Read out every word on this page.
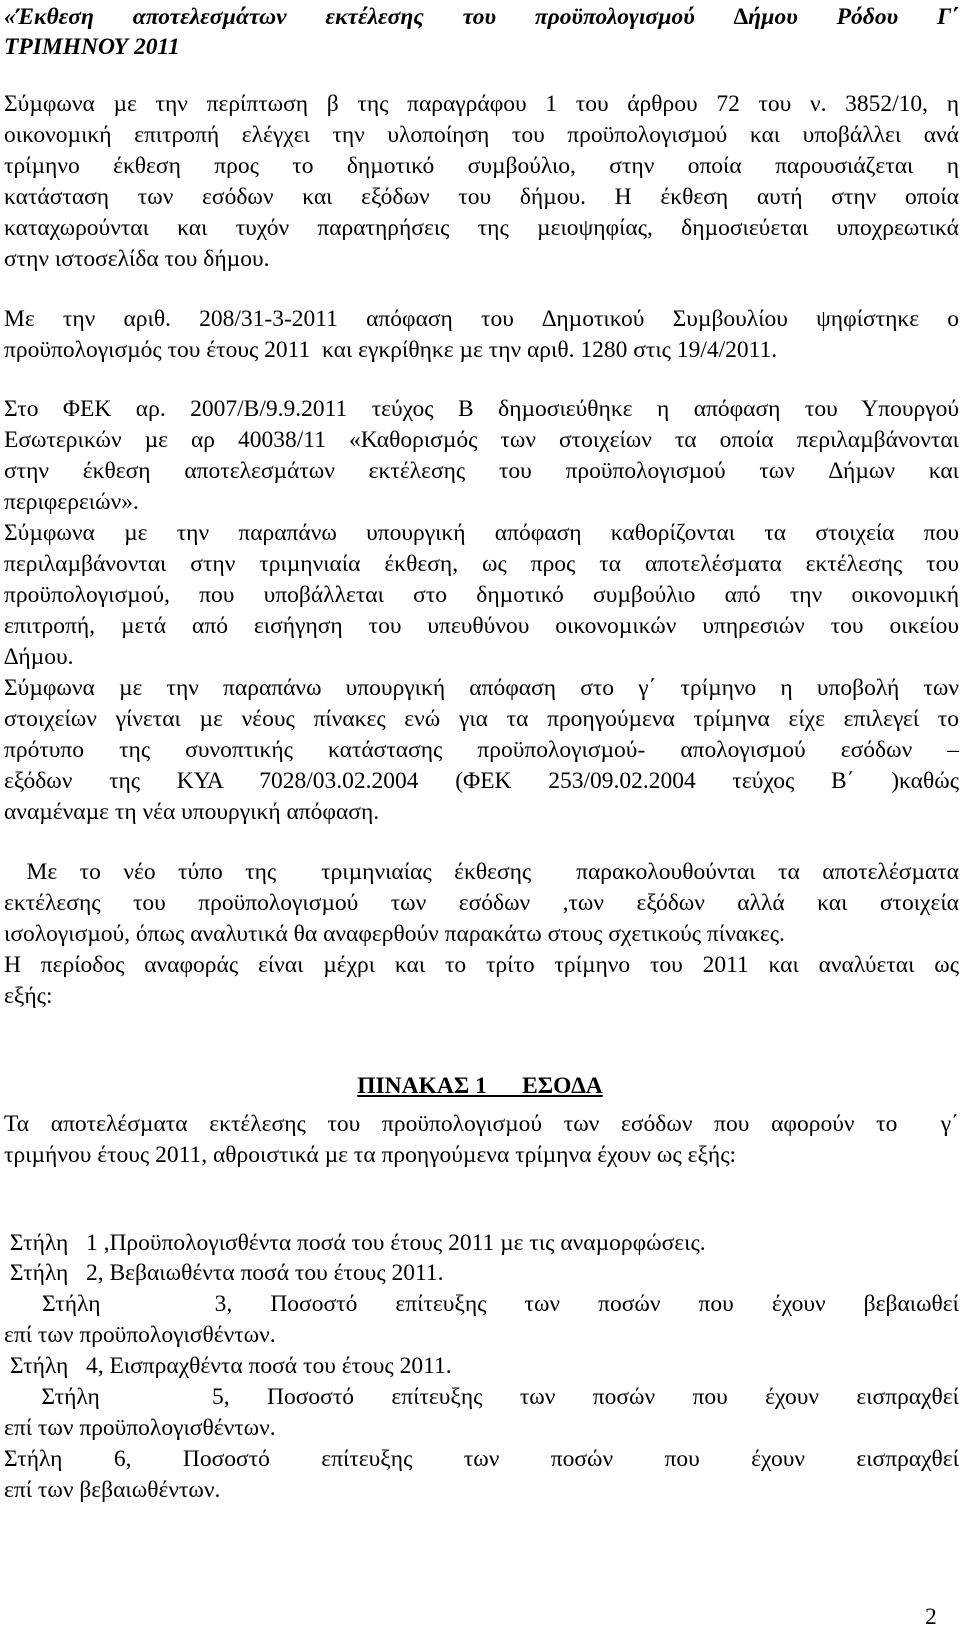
«Έκθεση αποτελεσµάτων εκτέλεσης του προϋπολογισµού ∆ήµου Ρόδου Γ΄

ΤΡΙΜΗΝΟΥ 2011

Σύµφωνα µε την περίπτωση β της παραγράφου 1 του άρθρου 72 του ν. 3852/10, η

οικονοµική επιτροπή ελέγχει την υλοποίηση του προϋπολογισµού και υποβάλλει ανά

τρίµηνο έκθεση προς το δηµοτικό συµβούλιο, στην οποία παρουσιάζεται η

κατάσταση των εσόδων και εξόδων του δήµου. Η έκθεση αυτή στην οποία

καταχωρούνται και τυχόν παρατηρήσεις της µειοψηφίας, δηµοσιεύεται υποχρεωτικά

στην ιστοσελίδα του δήµου.

Με την αριθ. 208/31-3-2011 απόφαση του ∆ηµοτικού Συµβουλίου ψηφίστηκε ο

προϋπολογισµός του έτους 2011  και εγκρίθηκε µε την αριθ. 1280 στις 19/4/2011.

Στο ΦΕΚ αρ. 2007/Β/9.9.2011 τεύχος Β δηµοσιεύθηκε η απόφαση του Υπουργού

Εσωτερικών µε αρ 40038/11 «Καθορισµός των στοιχείων τα οποία περιλαµβάνονται

στην έκθεση αποτελεσµάτων εκτέλεσης του προϋπολογισµού των ∆ήµων και

περιφερειών».

Σύµφωνα µε την παραπάνω υπουργική απόφαση καθορίζονται τα στοιχεία που

περιλαµβάνονται στην τριµηνιαία έκθεση, ως προς τα αποτελέσµατα εκτέλεσης του

προϋπολογισµού, που υποβάλλεται στο δηµοτικό συµβούλιο από την οικονοµική

επιτροπή, µετά από εισήγηση του υπευθύνου οικονοµικών υπηρεσιών του οικείου

∆ήµου.

Σύµφωνα µε την παραπάνω υπουργική απόφαση στο γ΄ τρίµηνο η υποβολή των

στοιχείων γίνεται µε νέους πίνακες ενώ για τα προηγούµενα τρίµηνα είχε επιλεγεί το

πρότυπο της συνοπτικής κατάστασης προϋπολογισµού- απολογισµού εσόδων –

εξόδων της ΚΥΑ 7028/03.02.2004 (ΦΕΚ 253/09.02.2004 τεύχος Β΄ )καθώς

αναµέναµε τη νέα υπουργική απόφαση.

Με το νέο τύπο της  τριµηνιαίας έκθεσης  παρακολουθούνται τα αποτελέσµατα

εκτέλεσης του προϋπολογισµού των εσόδων ,των εξόδων αλλά και στοιχεία

ισολογισµού, όπως αναλυτικά θα αναφερθούν παρακάτω στους σχετικούς πίνακες.

Η περίοδος αναφοράς είναι µέχρι και το τρίτο τρίµηνο του 2011 και αναλύεται ως

εξής:

ΠΙΝΑΚΑΣ 1      ΕΣΟ∆Α

Τα αποτελέσµατα εκτέλεσης του προϋπολογισµού των εσόδων που αφορούν το  γ΄

τριµήνου έτους 2011, αθροιστικά µε τα προηγούµενα τρίµηνα έχουν ως εξής:

Στήλη   1 ,Προϋπολογισθέντα ποσά του έτους 2011 µε τις αναµορφώσεις.

Στήλη   2, Βεβαιωθέντα ποσά του έτους 2011.

Στήλη   3, Ποσοστό επίτευξης των ποσών που έχουν βεβαιωθεί

επί των προϋπολογισθέντων.

Στήλη   4, Εισπραχθέντα ποσά του έτους 2011.

Στήλη   5, Ποσοστό επίτευξης των ποσών που έχουν εισπραχθεί

επί των προϋπολογισθέντων.

Στήλη 6, Ποσοστό επίτευξης των ποσών που έχουν εισπραχθεί

επί των βεβαιωθέντων.

2
